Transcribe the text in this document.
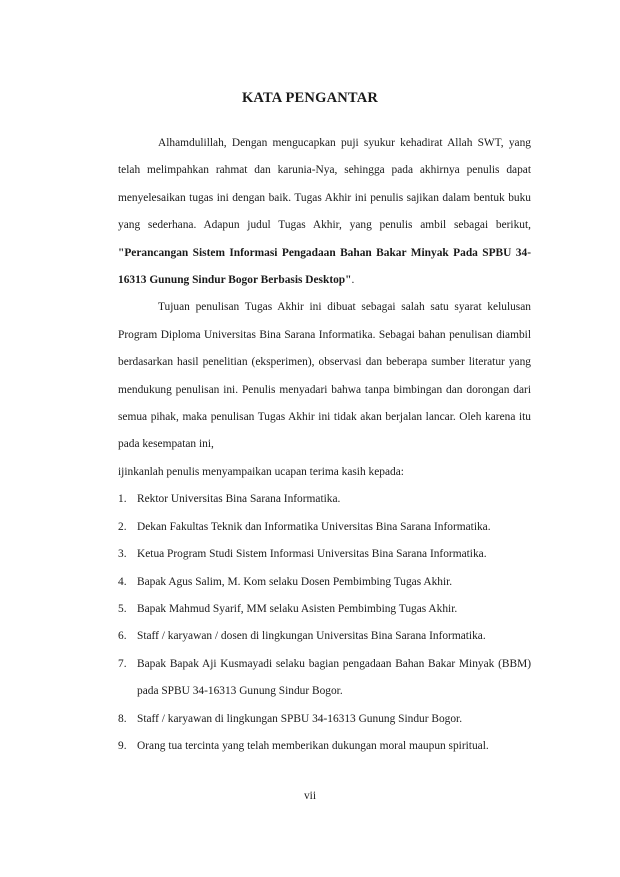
KATA PENGANTAR

Alhamdulillah, Dengan mengucapkan puji syukur kehadirat Allah SWT, yang telah melimpahkan rahmat dan karunia-Nya, sehingga pada akhirnya penulis dapat menyelesaikan tugas ini dengan baik. Tugas Akhir ini penulis sajikan dalam bentuk buku yang sederhana. Adapun judul Tugas Akhir, yang penulis ambil sebagai berikut, "Perancangan Sistem Informasi Pengadaan Bahan Bakar Minyak Pada SPBU 34-16313 Gunung Sindur Bogor Berbasis Desktop".

Tujuan penulisan Tugas Akhir ini dibuat sebagai salah satu syarat kelulusan Program Diploma Universitas Bina Sarana Informatika. Sebagai bahan penulisan diambil berdasarkan hasil penelitian (eksperimen), observasi dan beberapa sumber literatur yang mendukung penulisan ini. Penulis menyadari bahwa tanpa bimbingan dan dorongan dari semua pihak, maka penulisan Tugas Akhir ini tidak akan berjalan lancar. Oleh karena itu pada kesempatan ini,

ijinkanlah penulis menyampaikan ucapan terima kasih kepada:

1. Rektor Universitas Bina Sarana Informatika.
2. Dekan Fakultas Teknik dan Informatika Universitas Bina Sarana Informatika.
3. Ketua Program Studi Sistem Informasi Universitas Bina Sarana Informatika.
4. Bapak Agus Salim, M. Kom selaku Dosen Pembimbing Tugas Akhir.
5. Bapak Mahmud Syarif, MM selaku Asisten Pembimbing Tugas Akhir.
6. Staff / karyawan / dosen di lingkungan Universitas Bina Sarana Informatika.
7. Bapak Bapak Aji Kusmayadi selaku bagian pengadaan Bahan Bakar Minyak (BBM) pada SPBU 34-16313 Gunung Sindur Bogor.
8. Staff / karyawan di lingkungan SPBU 34-16313 Gunung Sindur Bogor.
9. Orang tua tercinta yang telah memberikan dukungan moral maupun spiritual.
vii
